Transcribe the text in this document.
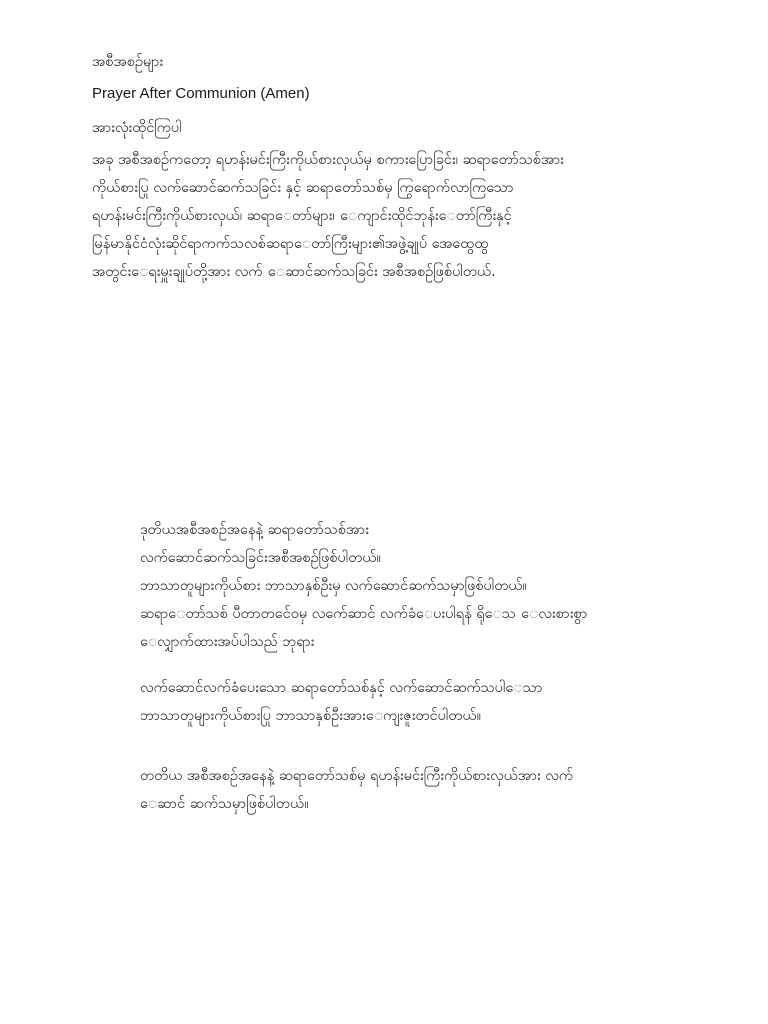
အစီအစဉ်များ
Prayer After Communion (Amen)
အားလုံးထိုင်ကြပါ
အခု အစီအစဉ်ကတော့ ရဟန်းမင်းကြီးကိုယ်စားလှယ်မှ စကားပြောခြင်း၊ ဆရာတော်သစ်အား
ကိုယ်စားပြု လက်ဆောင်ဆက်သခြင်း နှင့် ဆရာတော်သစ်မှ ကြွရောက်လာကြသော
ရဟန်းမင်းကြီးကိုယ်စားလှယ်၊ ဆရာေတာ်များ၊ ေကျာင်းထိုင်ဘုန်းေတာ်ကြီးနှင့်
မြန်မာနိုင်ငံလုံးဆိုင်ရာကက်သလစ်ဆရာေတာ်ကြီးများ၏အဖွဲ့ချုပ် အေထွေထွ
အတွင်းေရးမှူးချုပ်တို့အား လက် ေဆာင်ဆက်သခြင်း အစီအစဉ်ဖြစ်ပါတယ်.
ဒုတိယအစီအစဉ်အနေနဲ့ ဆရာတော်သစ်အား
လက်ဆောင်ဆက်သခြင်းအစီအစဉ်ဖြစ်ပါတယ်။
ဘာသာတူများကိုယ်စား ဘာသာနှစ်ဦးမှ လက်ဆောင်ဆက်သမှာဖြစ်ပါတယ်။
ဆရာေတာ်သစ် ပီတာတင်ေဝမှ လက်ေဆာင် လက်ခံေပးပါရန် ရိုေသ ေလးစားစွာ
ေလျှာက်ထားအပ်ပါသည် ဘုရား
လက်ဆောင်လက်ခံပေးသော ဆရာတော်သစ်နှင့် လက်ဆောင်ဆက်သပါေသာ
ဘာသာတူများကိုယ်စားပြု ဘာသာနှစ်ဦးအားေကျးဇူးတင်ပါတယ်။
တတိယ အစီအစဉ်အနေနဲ့ ဆရာတော်သစ်မှ ရဟန်းမင်းကြီးကိုယ်စားလှယ်အား လက်
ေဆာင် ဆက်သမှာဖြစ်ပါတယ်။
